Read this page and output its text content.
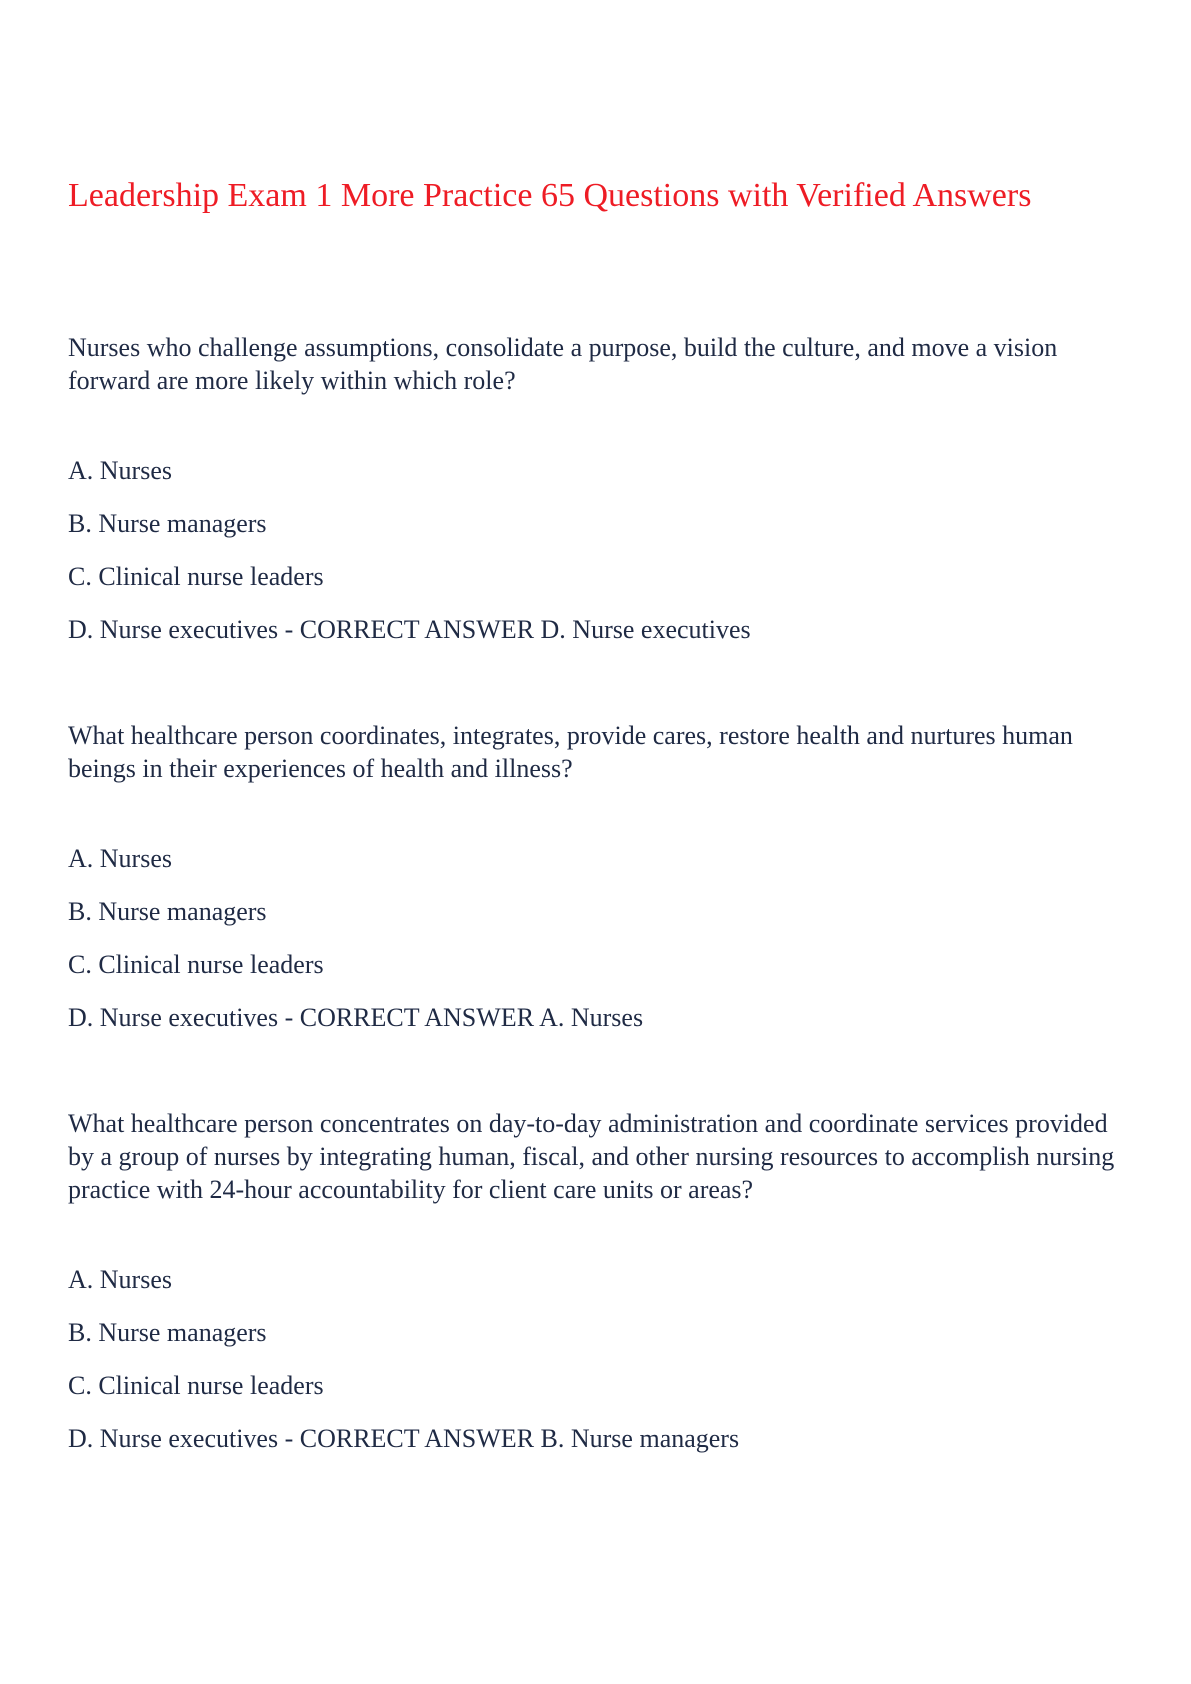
Leadership Exam 1 More Practice 65 Questions with Verified Answers

Nurses who challenge assumptions, consolidate a purpose, build the culture, and move a vision forward are more likely within which role?

A. Nurses
B. Nurse managers
C. Clinical nurse leaders
D. Nurse executives - CORRECT ANSWER D. Nurse executives

What healthcare person coordinates, integrates, provide cares, restore health and nurtures human beings in their experiences of health and illness?

A. Nurses
B. Nurse managers
C. Clinical nurse leaders
D. Nurse executives - CORRECT ANSWER A. Nurses

What healthcare person concentrates on day-to-day administration and coordinate services provided by a group of nurses by integrating human, fiscal, and other nursing resources to accomplish nursing practice with 24-hour accountability for client care units or areas?

A. Nurses
B. Nurse managers
C. Clinical nurse leaders
D. Nurse executives - CORRECT ANSWER B. Nurse managers
